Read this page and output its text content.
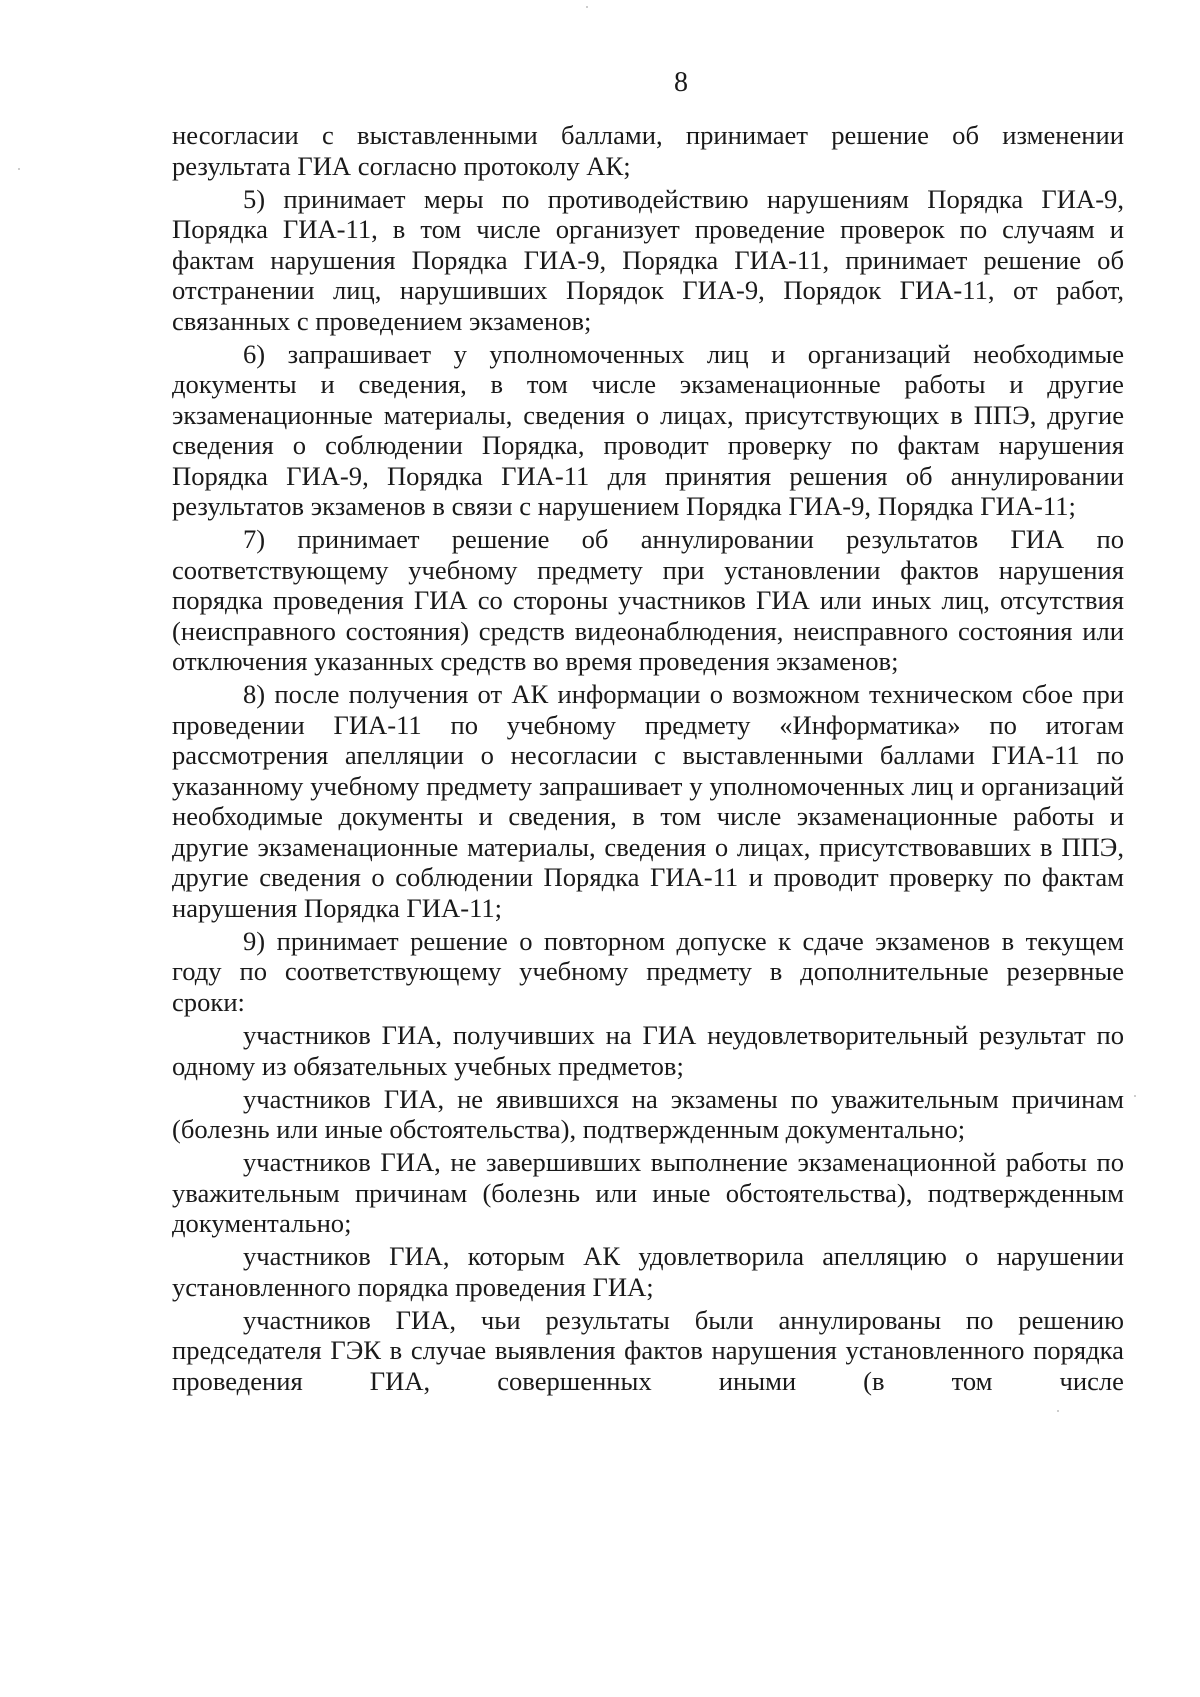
8

несогласии с выставленными баллами, принимает решение об изменении результата ГИА согласно протоколу АК;

5) принимает меры по противодействию нарушениям Порядка ГИА-9, Порядка ГИА-11, в том числе организует проведение проверок по случаям и фактам нарушения Порядка ГИА-9, Порядка ГИА-11, принимает решение об отстранении лиц, нарушивших Порядок ГИА-9, Порядок ГИА-11, от работ, связанных с проведением экзаменов;

6) запрашивает у уполномоченных лиц и организаций необходимые документы и сведения, в том числе экзаменационные работы и другие экзаменационные материалы, сведения о лицах, присутствующих в ППЭ, другие сведения о соблюдении Порядка, проводит проверку по фактам нарушения Порядка ГИА-9, Порядка ГИА-11 для принятия решения об аннулировании результатов экзаменов в связи с нарушением Порядка ГИА-9, Порядка ГИА-11;

7) принимает решение об аннулировании результатов ГИА по соответствующему учебному предмету при установлении фактов нарушения порядка проведения ГИА со стороны участников ГИА или иных лиц, отсутствия (неисправного состояния) средств видеонаблюдения, неисправного состояния или отключения указанных средств во время проведения экзаменов;

8) после получения от АК информации о возможном техническом сбое при проведении ГИА-11 по учебному предмету «Информатика» по итогам рассмотрения апелляции о несогласии с выставленными баллами ГИА-11 по указанному учебному предмету запрашивает у уполномоченных лиц и организаций необходимые документы и сведения, в том числе экзаменационные работы и другие экзаменационные материалы, сведения о лицах, присутствовавших в ППЭ, другие сведения о соблюдении Порядка ГИА-11 и проводит проверку по фактам нарушения Порядка ГИА-11;

9) принимает решение о повторном допуске к сдаче экзаменов в текущем году по соответствующему учебному предмету в дополнительные резервные сроки:

участников ГИА, получивших на ГИА неудовлетворительный результат по одному из обязательных учебных предметов;

участников ГИА, не явившихся на экзамены по уважительным причинам (болезнь или иные обстоятельства), подтвержденным документально;

участников ГИА, не завершивших выполнение экзаменационной работы по уважительным причинам (болезнь или иные обстоятельства), подтвержденным документально;

участников ГИА, которым АК удовлетворила апелляцию о нарушении установленного порядка проведения ГИА;

участников ГИА, чьи результаты были аннулированы по решению председателя ГЭК в случае выявления фактов нарушения установленного порядка проведения ГИА, совершенных иными (в том числе
